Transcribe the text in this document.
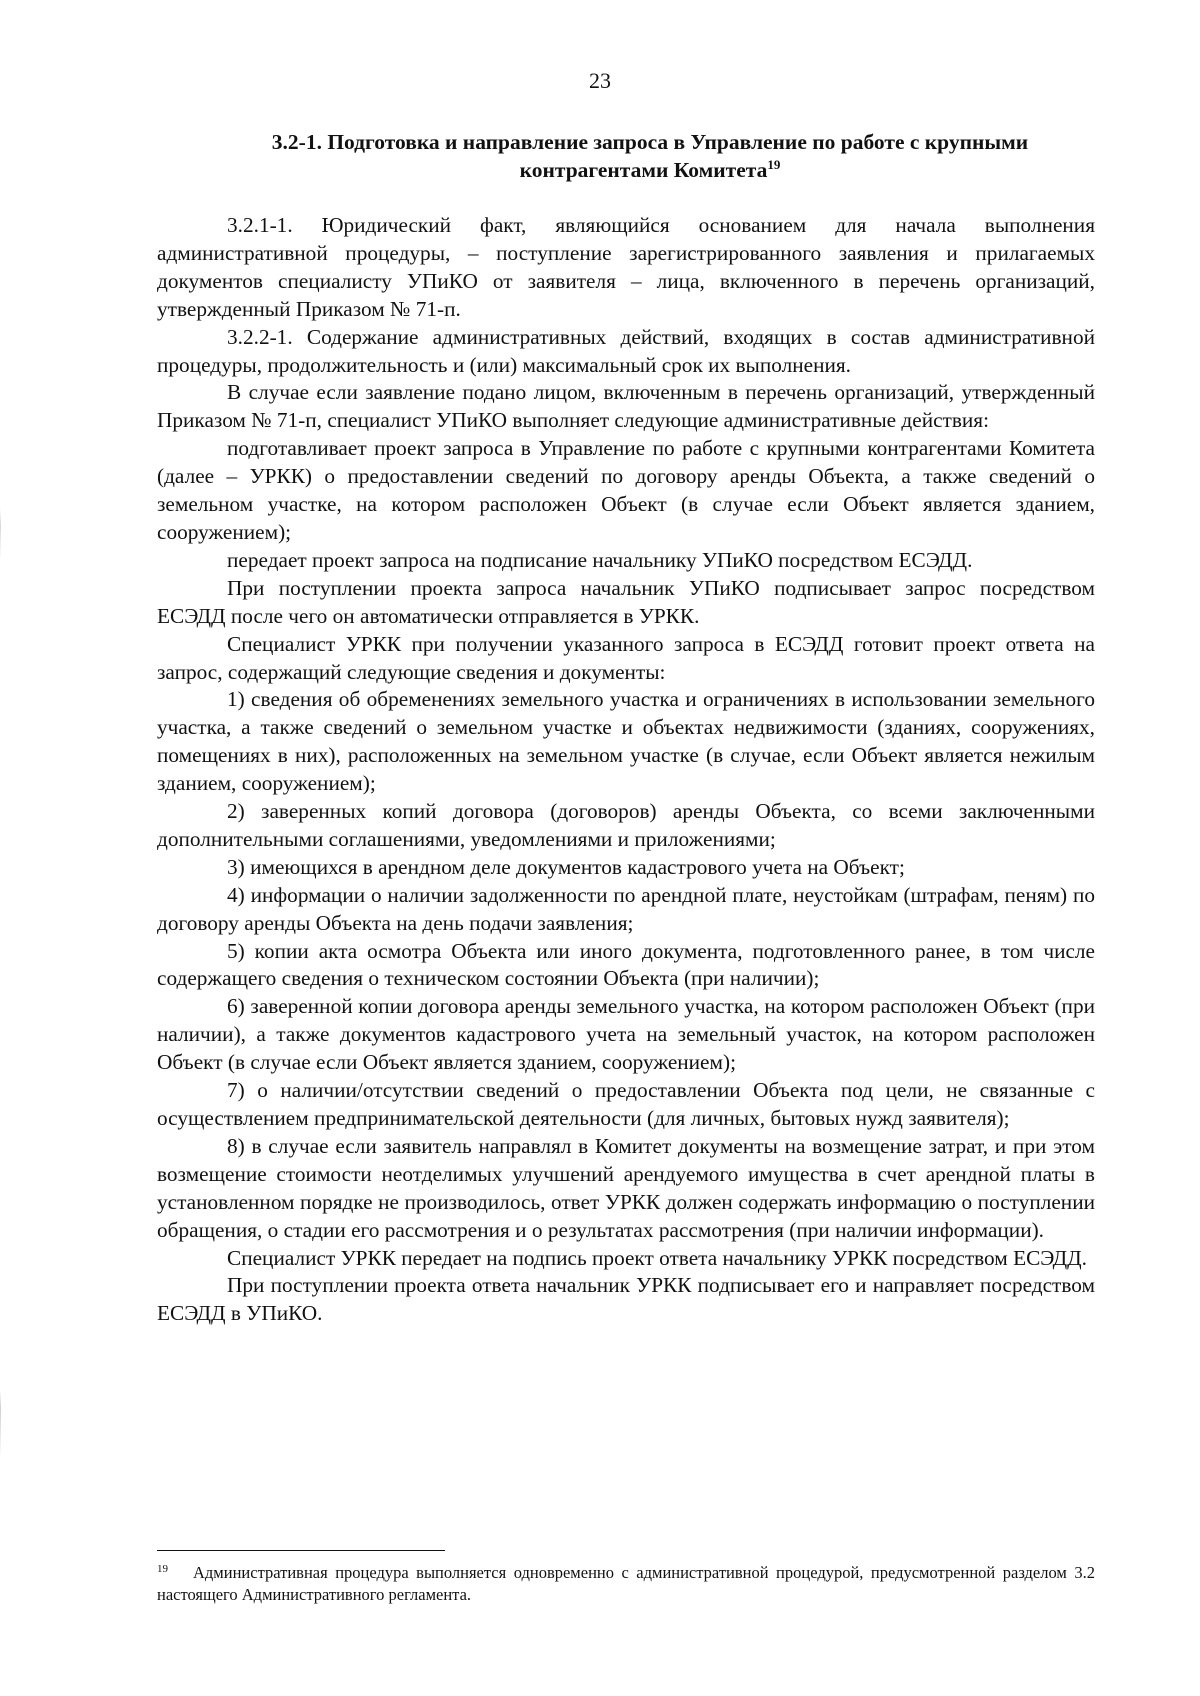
23

3.2-1. Подготовка и направление запроса в Управление по работе с крупными контрагентами Комитета$^{19}$

3.2.1-1. Юридический факт, являющийся основанием для начала выполнения административной процедуры, – поступление зарегистрированного заявления и прилагаемых документов специалисту УПиКО от заявителя – лица, включенного в перечень организаций, утвержденный Приказом № 71-п.

3.2.2-1. Содержание административных действий, входящих в состав административной процедуры, продолжительность и (или) максимальный срок их выполнения.

В случае если заявление подано лицом, включенным в перечень организаций, утвержденный Приказом № 71-п, специалист УПиКО выполняет следующие административные действия:

подготавливает проект запроса в Управление по работе с крупными контрагентами Комитета (далее – УРКК) о предоставлении сведений по договору аренды Объекта, а также сведений о земельном участке, на котором расположен Объект (в случае если Объект является зданием, сооружением);

передает проект запроса на подписание начальнику УПиКО посредством ЕСЭДД.

При поступлении проекта запроса начальник УПиКО подписывает запрос посредством ЕСЭДД после чего он автоматически отправляется в УРКК.

Специалист УРКК при получении указанного запроса в ЕСЭДД готовит проект ответа на запрос, содержащий следующие сведения и документы:

1) сведения об обременениях земельного участка и ограничениях в использовании земельного участка, а также сведений о земельном участке и объектах недвижимости (зданиях, сооружениях, помещениях в них), расположенных на земельном участке (в случае, если Объект является нежилым зданием, сооружением);

2) заверенных копий договора (договоров) аренды Объекта, со всеми заключенными дополнительными соглашениями, уведомлениями и приложениями;

3) имеющихся в арендном деле документов кадастрового учета на Объект;

4) информации о наличии задолженности по арендной плате, неустойкам (штрафам, пеням) по договору аренды Объекта на день подачи заявления;

5) копии акта осмотра Объекта или иного документа, подготовленного ранее, в том числе содержащего сведения о техническом состоянии Объекта (при наличии);

6) заверенной копии договора аренды земельного участка, на котором расположен Объект (при наличии), а также документов кадастрового учета на земельный участок, на котором расположен Объект (в случае если Объект является зданием, сооружением);

7) о наличии/отсутствии сведений о предоставлении Объекта под цели, не связанные с осуществлением предпринимательской деятельности (для личных, бытовых нужд заявителя);

8) в случае если заявитель направлял в Комитет документы на возмещение затрат, и при этом возмещение стоимости неотделимых улучшений арендуемого имущества в счет арендной платы в установленном порядке не производилось, ответ УРКК должен содержать информацию о поступлении обращения, о стадии его рассмотрения и о результатах рассмотрения (при наличии информации).

Специалист УРКК передает на подпись проект ответа начальнику УРКК посредством ЕСЭДД.

При поступлении проекта ответа начальник УРКК подписывает его и направляет посредством ЕСЭДД в УПиКО.

19 Административная процедура выполняется одновременно с административной процедурой, предусмотренной разделом 3.2 настоящего Административного регламента.
